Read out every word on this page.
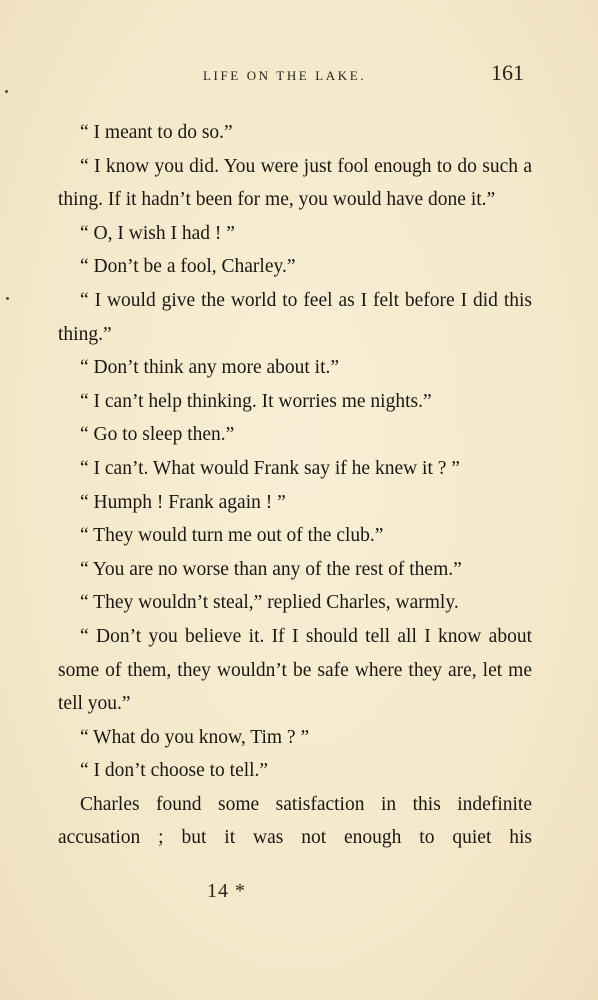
LIFE ON THE LAKE.	161

“ I meant to do so.”

“ I know you did. You were just fool enough to do such a thing. If it hadn’t been for me, you would have done it.”

“ O, I wish I had ! ”

“ Don’t be a fool, Charley.”

“ I would give the world to feel as I felt before I did this thing.”

“ Don’t think any more about it.”

“ I can’t help thinking. It worries me nights.”

“ Go to sleep then.”

“ I can’t. What would Frank say if he knew it ? ”

“ Humph ! Frank again ! ”

“ They would turn me out of the club.”

“ You are no worse than any of the rest of them.”

“ They wouldn’t steal,” replied Charles, warmly.

“ Don’t you believe it. If I should tell all I know about some of them, they wouldn’t be safe where they are, let me tell you.”

“ What do you know, Tim ? ”

“ I don’t choose to tell.”

Charles found some satisfaction in this indefinite accusation ; but it was not enough to quiet his

14 *
